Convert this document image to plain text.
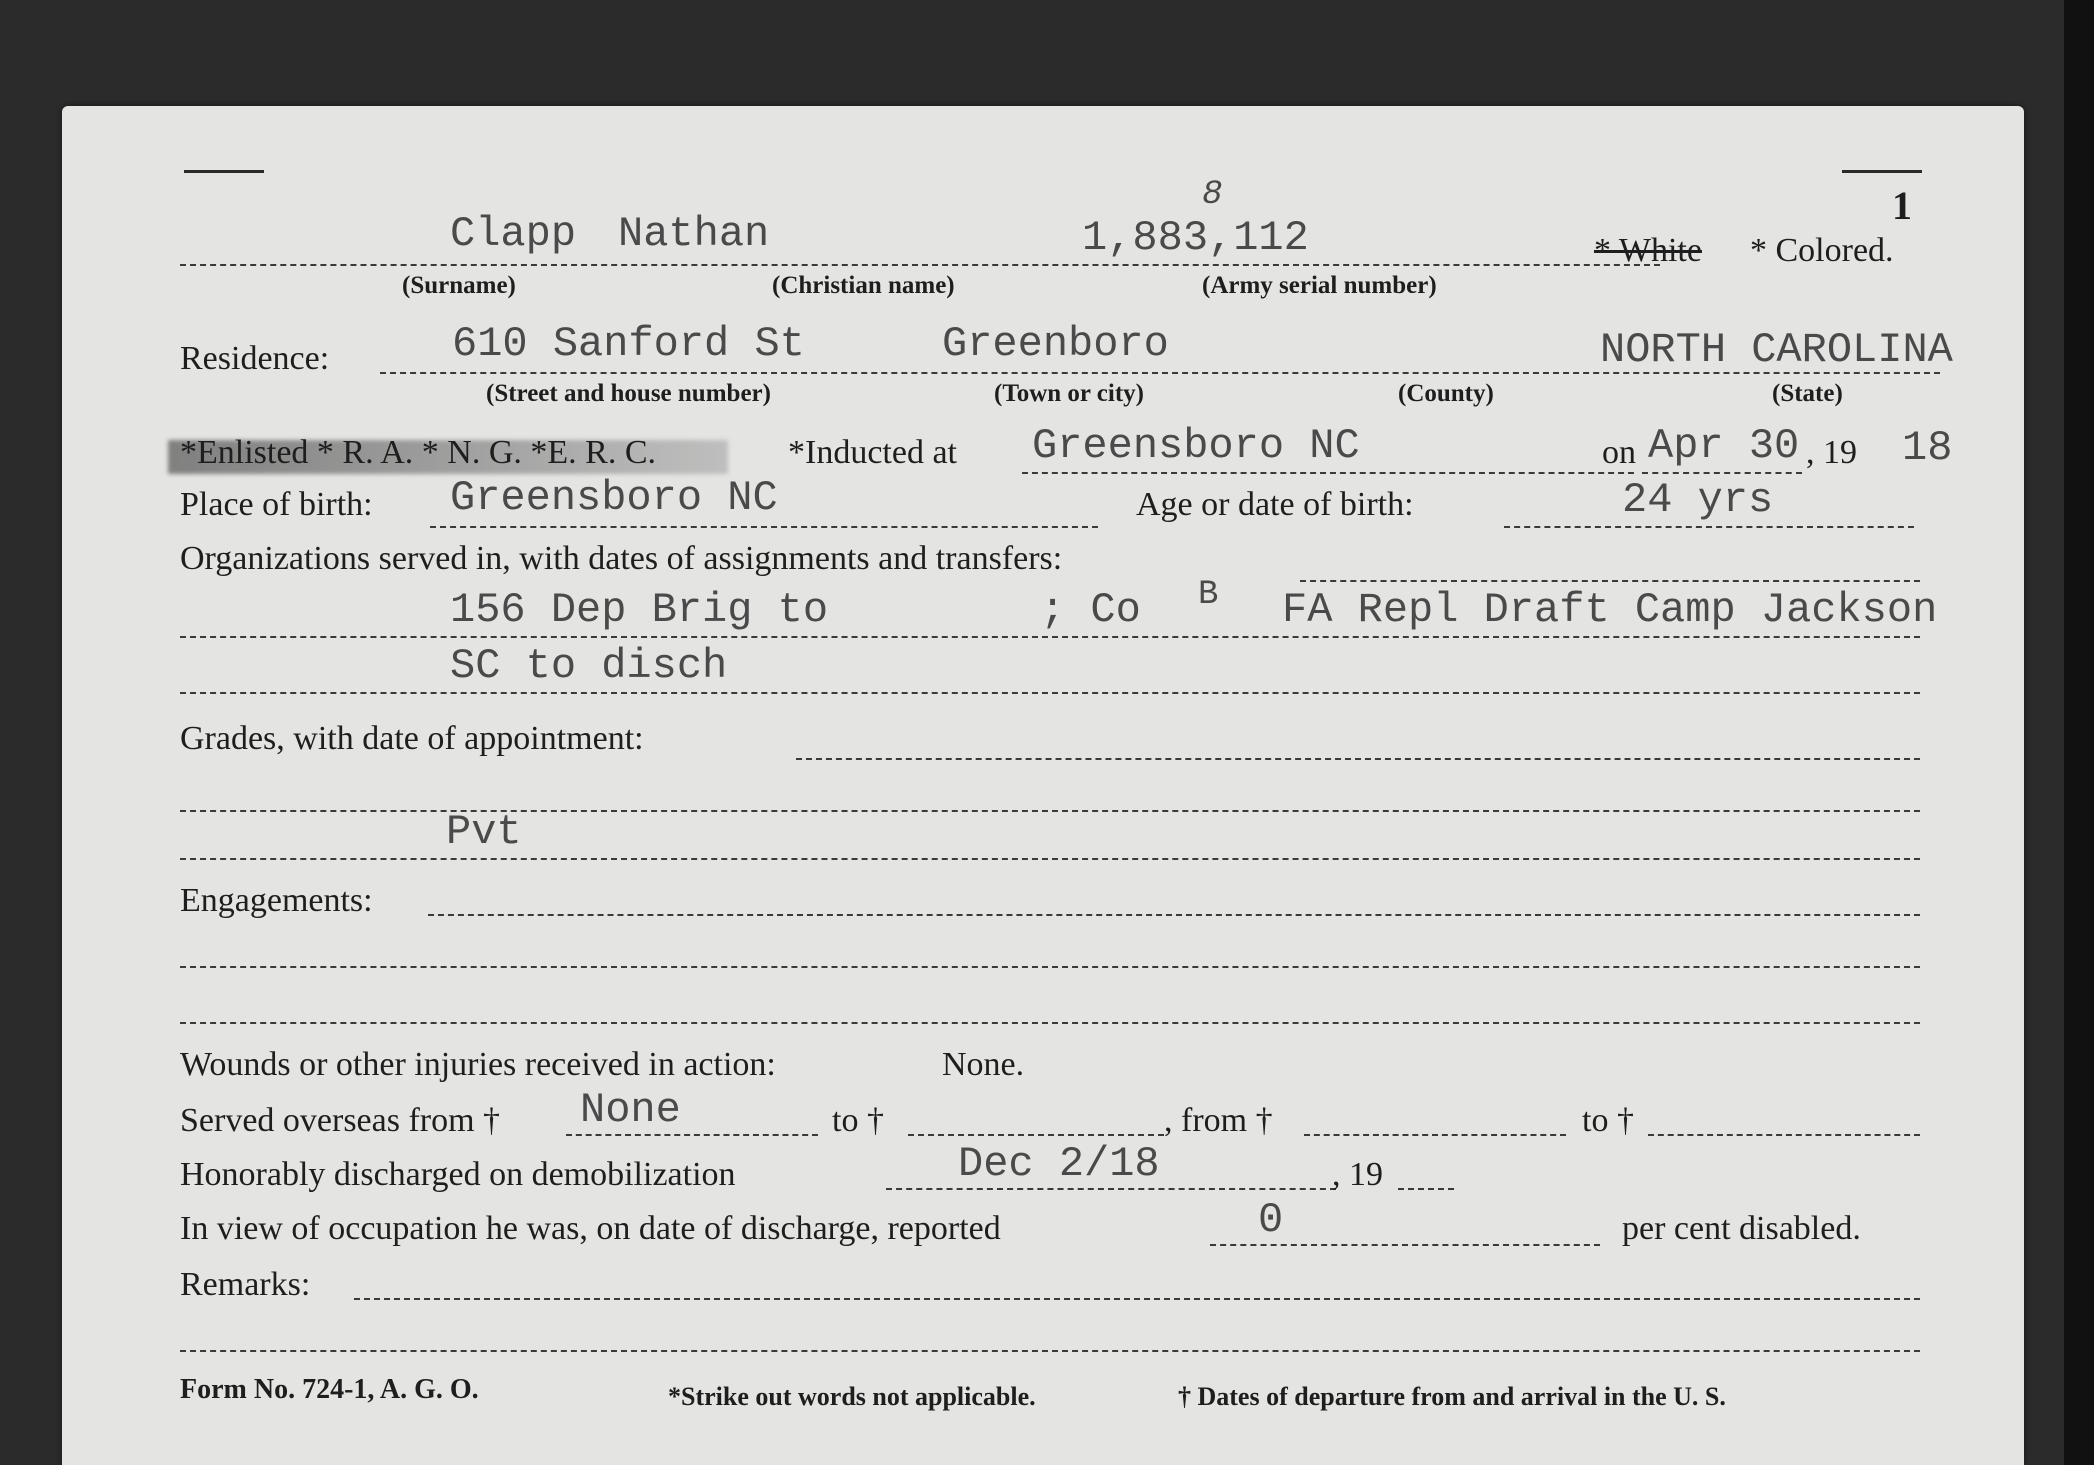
1
Clapp Nathan	1,883,112
8
* White * Colored.
(Surname)	(Christian name)	(Army serial number)
Residence:	610 Sanford St	Greenboro	NORTH CAROLINA
(Street and house number)	(Town or city)	(County)	(State)
*Enlisted * R. A. * N. G. *E. R. C.	*Inducted at Greensboro NC	on Apr 30 , 19 18
Place of birth: Greensboro NC	Age or date of birth:	24 yrs
Organizations served in, with dates of assignments and transfers:
156 Dep Brig to	; Co B FA Repl Draft Camp Jackson
SC to disch
Grades, with date of appointment:
Pvt
Engagements:
Wounds or other injuries received in action:	None.
Served overseas from † None	to †	, from †	to †
Honorably discharged on demobilization	Dec 2/18	, 19
In view of occupation he was, on date of discharge, reported	0	per cent disabled.
Remarks:
Form No. 724-1, A. G. O.	*Strike out words not applicable.	† Dates of departure from and arrival in the U. S.
